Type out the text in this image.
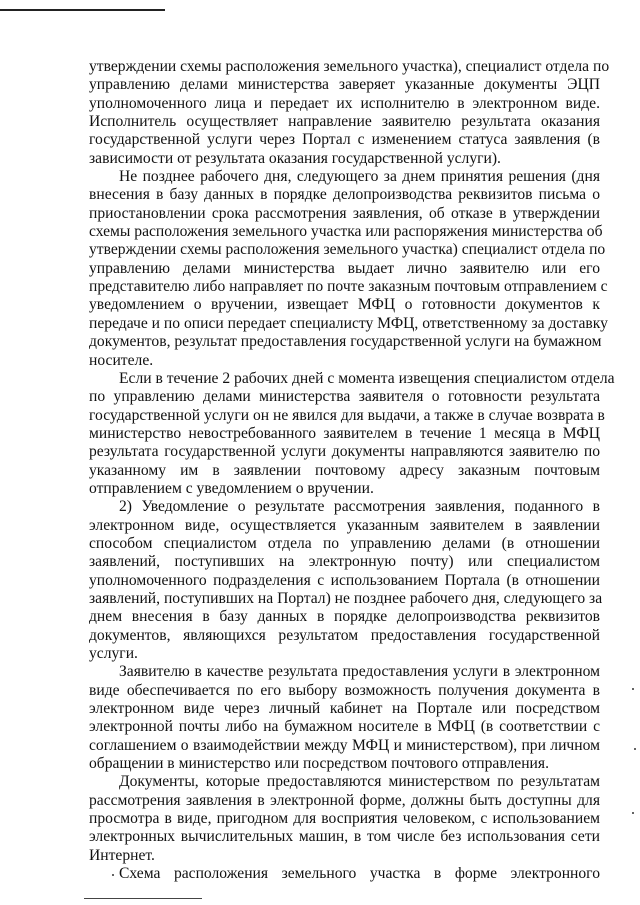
утверждении схемы расположения земельного участка), специалист отдела по
управлению делами министерства заверяет указанные документы ЭЦП
уполномоченного лица и передает их исполнителю в электронном виде.
Исполнитель осуществляет направление заявителю результата оказания
государственной услуги через Портал с изменением статуса заявления (в
зависимости от результата оказания государственной услуги).
Не позднее рабочего дня, следующего за днем принятия решения (дня
внесения в базу данных в порядке делопроизводства реквизитов письма о
приостановлении срока рассмотрения заявления, об отказе в утверждении
схемы расположения земельного участка или распоряжения министерства об
утверждении схемы расположения земельного участка) специалист отдела по
управлению делами министерства выдает лично заявителю или его
представителю либо направляет по почте заказным почтовым отправлением с
уведомлением о вручении, извещает МФЦ о готовности документов к
передаче и по описи передает специалисту МФЦ, ответственному за доставку
документов, результат предоставления государственной услуги на бумажном
носителе.
Если в течение 2 рабочих дней с момента извещения специалистом отдела
по управлению делами министерства заявителя о готовности результата
государственной услуги он не явился для выдачи, а также в случае возврата в
министерство невостребованного заявителем в течение 1 месяца в МФЦ
результата государственной услуги документы направляются заявителю по
указанному им в заявлении почтовому адресу заказным почтовым
отправлением с уведомлением о вручении.
2) Уведомление о результате рассмотрения заявления, поданного в
электронном виде, осуществляется указанным заявителем в заявлении
способом специалистом отдела по управлению делами (в отношении
заявлений, поступивших на электронную почту) или специалистом
уполномоченного подразделения с использованием Портала (в отношении
заявлений, поступивших на Портал) не позднее рабочего дня, следующего за
днем внесения в базу данных в порядке делопроизводства реквизитов
документов, являющихся результатом предоставления государственной
услуги.
Заявителю в качестве результата предоставления услуги в электронном
виде обеспечивается по его выбору возможность получения документа в
электронном виде через личный кабинет на Портале или посредством
электронной почты либо на бумажном носителе в МФЦ (в соответствии с
соглашением о взаимодействии между МФЦ и министерством), при личном
обращении в министерство или посредством почтового отправления.
Документы, которые предоставляются министерством по результатам
рассмотрения заявления в электронной форме, должны быть доступны для
просмотра в виде, пригодном для восприятия человеком, с использованием
электронных вычислительных машин, в том числе без использования сети
Интернет.
Схема расположения земельного участка в форме электронного
